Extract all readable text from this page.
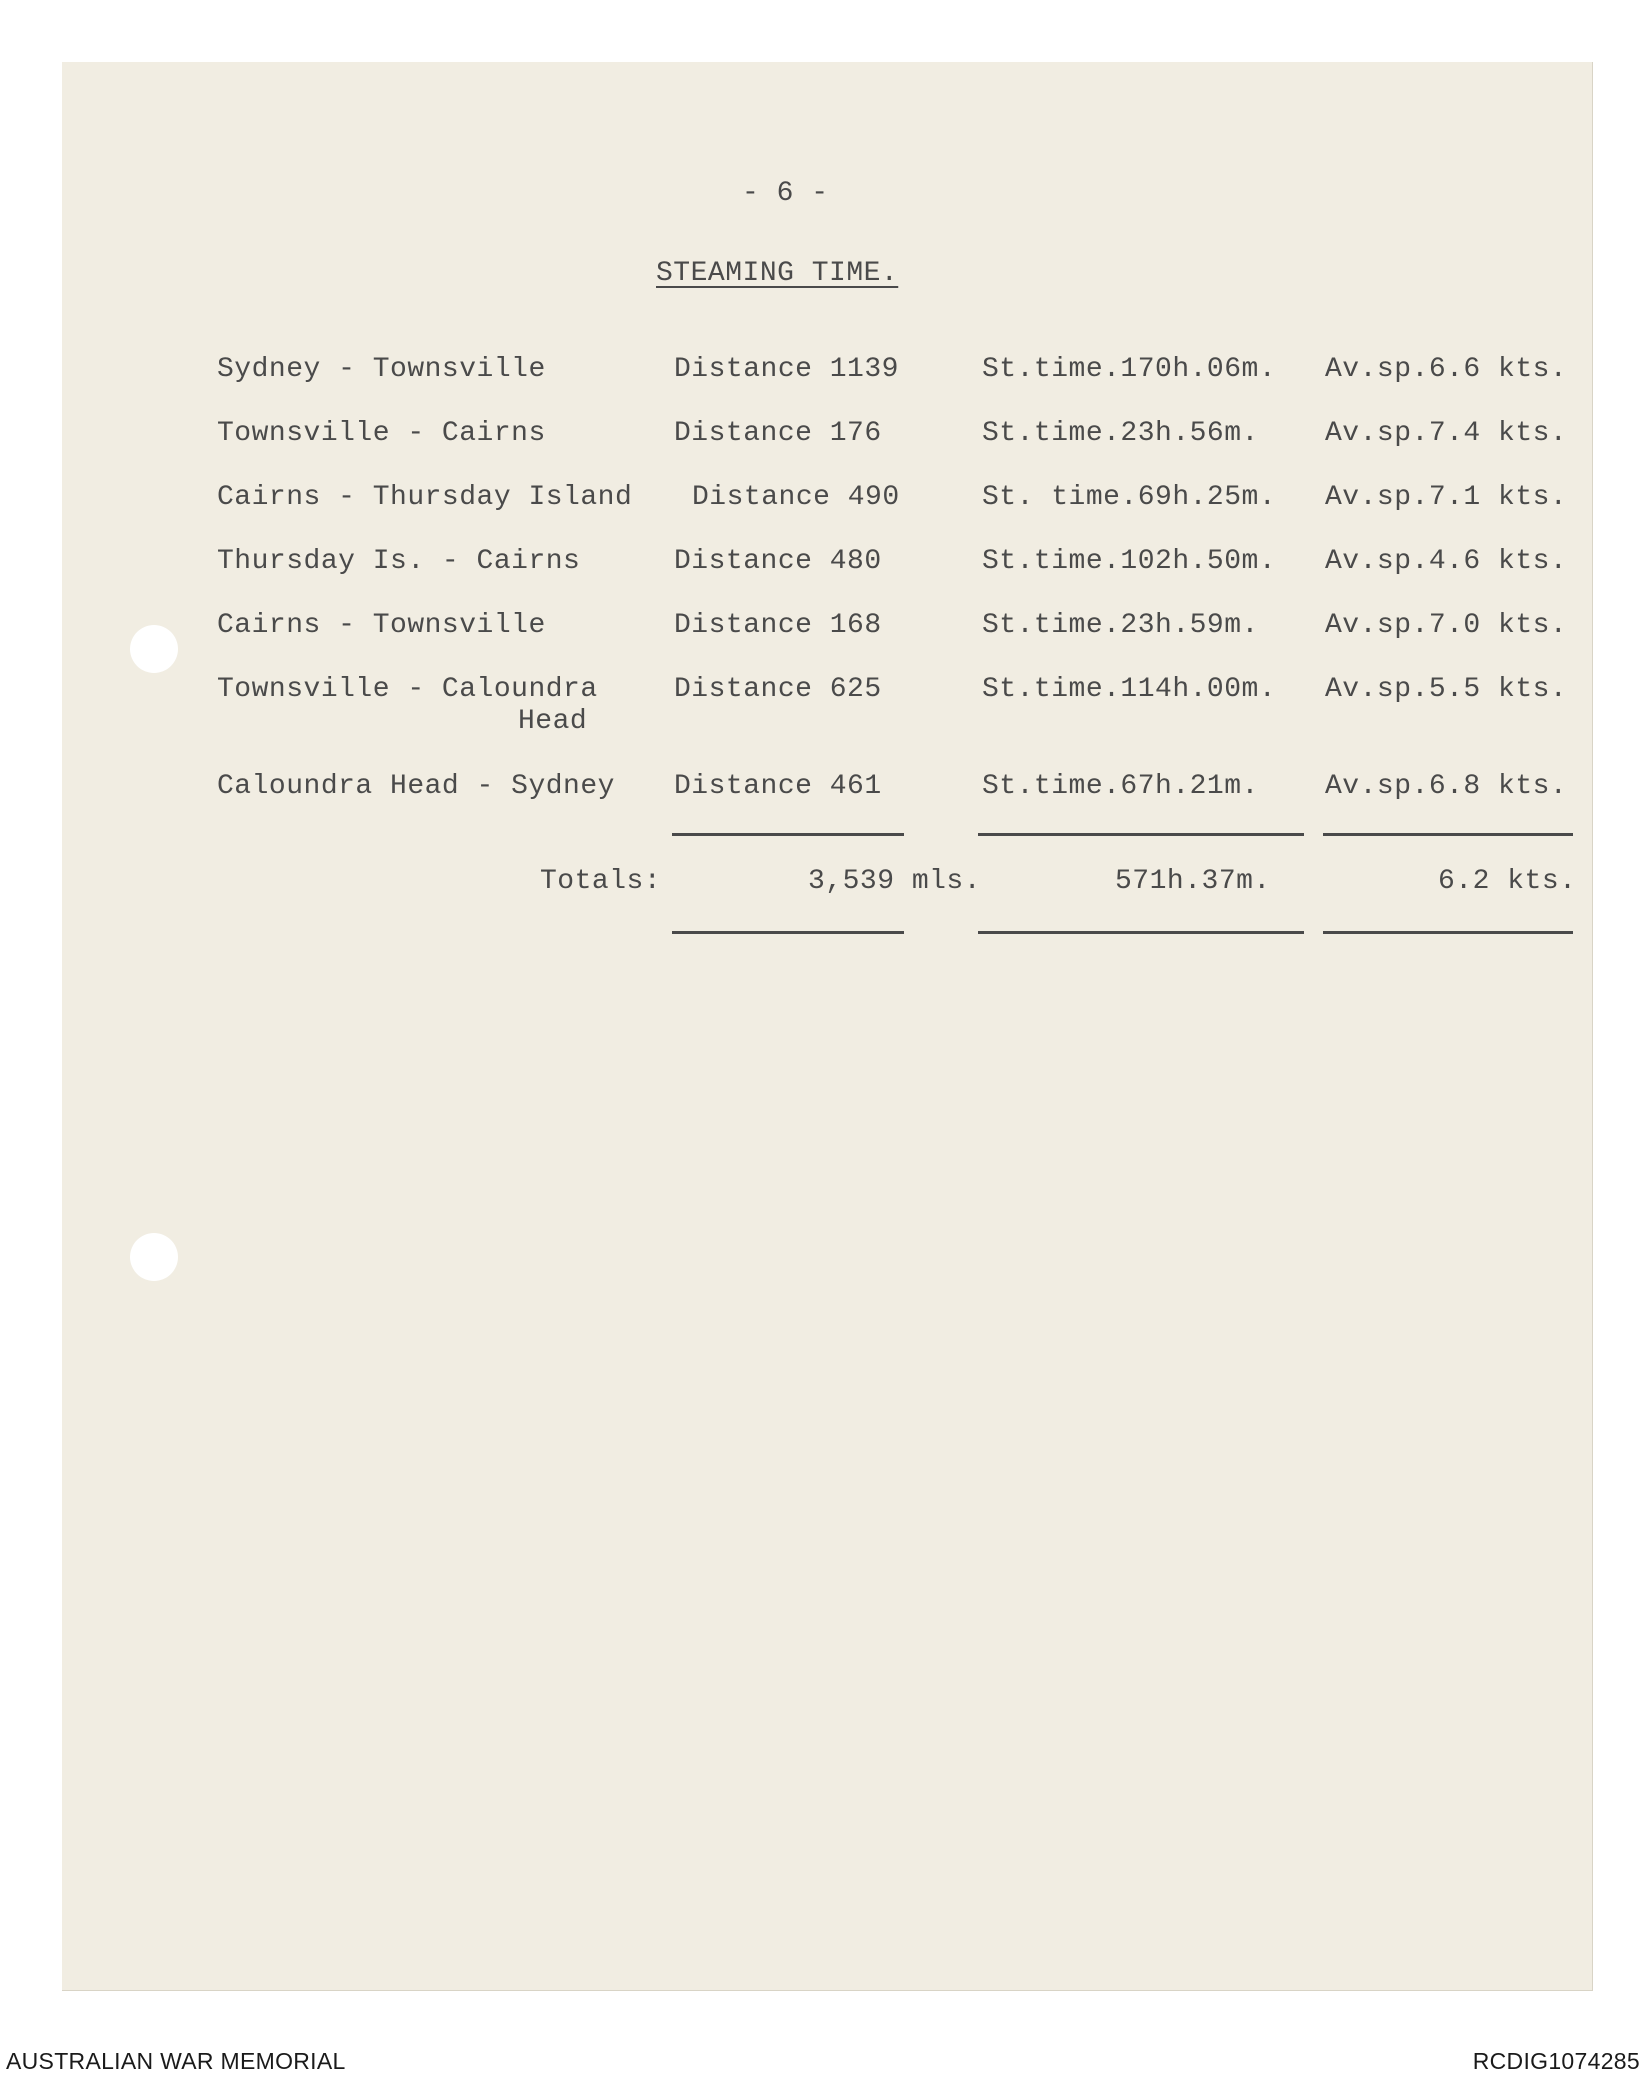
- 6 -
STEAMING TIME.
Sydney - Townsville	Distance 1139	St.time.170h.06m. Av.sp.6.6 kts.
Townsville - Cairns	Distance 176	St.time.23h.56m. Av.sp.7.4 kts.
Cairns - Thursday Island Distance 490	St. time.69h.25m. Av.sp.7.1 kts.
Thursday Is. - Cairns	Distance 480	St.time.102h.50m. Av.sp.4.6 kts.
Cairns - Townsville	Distance 168	St.time.23h.59m. Av.sp.7.0 kts.
Townsville - Caloundra
Head
Distance 625	St.time.114h.00m. Av.sp.5.5 kts.
Caloundra Head - Sydney Distance 461	St.time.67h.21m. Av.sp.6.8 kts.
Totals:	3,539 mls.	571h.37m.	6.2 kts.
AUSTRALIAN WAR MEMORIAL	RCDIG1074285
